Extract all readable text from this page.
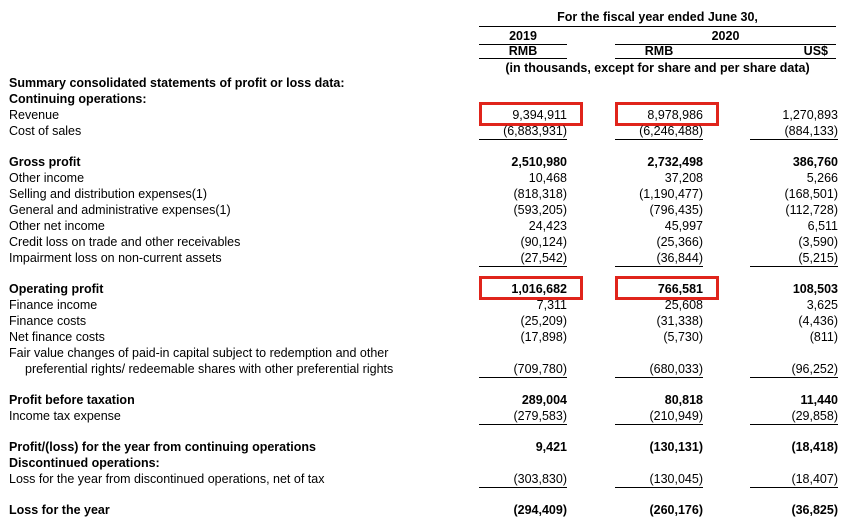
For the fiscal year ended June 30,
2019	2020
RMB	RMB	US$
(in thousands, except for share and per share data)
Summary consolidated statements of profit or loss data:
Continuing operations:
Revenue	9,394,911	8,978,986	1,270,893
Cost of sales	(6,883,931)	(6,246,488)	(884,133)
Gross profit	2,510,980	2,732,498	386,760
Other income	10,468	37,208	5,266
Selling and distribution expenses(1)	(818,318)	(1,190,477)	(168,501)
General and administrative expenses(1)	(593,205)	(796,435)	(112,728)
Other net income	24,423	45,997	6,511
Credit loss on trade and other receivables	(90,124)	(25,366)	(3,590)
Impairment loss on non-current assets	(27,542)	(36,844)	(5,215)
Operating profit	1,016,682	766,581	108,503
Finance income	7,311	25,608	3,625
Finance costs	(25,209)	(31,338)	(4,436)
Net finance costs	(17,898)	(5,730)	(811)
Fair value changes of paid-in capital subject to redemption and other
preferential rights/ redeemable shares with other preferential rights	(709,780)	(680,033)	(96,252)
Profit before taxation	289,004	80,818	11,440
Income tax expense	(279,583)	(210,949)	(29,858)
Profit/(loss) for the year from continuing operations	9,421	(130,131)	(18,418)
Discontinued operations:
Loss for the year from discontinued operations, net of tax	(303,830)	(130,045)	(18,407)
Loss for the year	(294,409)	(260,176)	(36,825)
